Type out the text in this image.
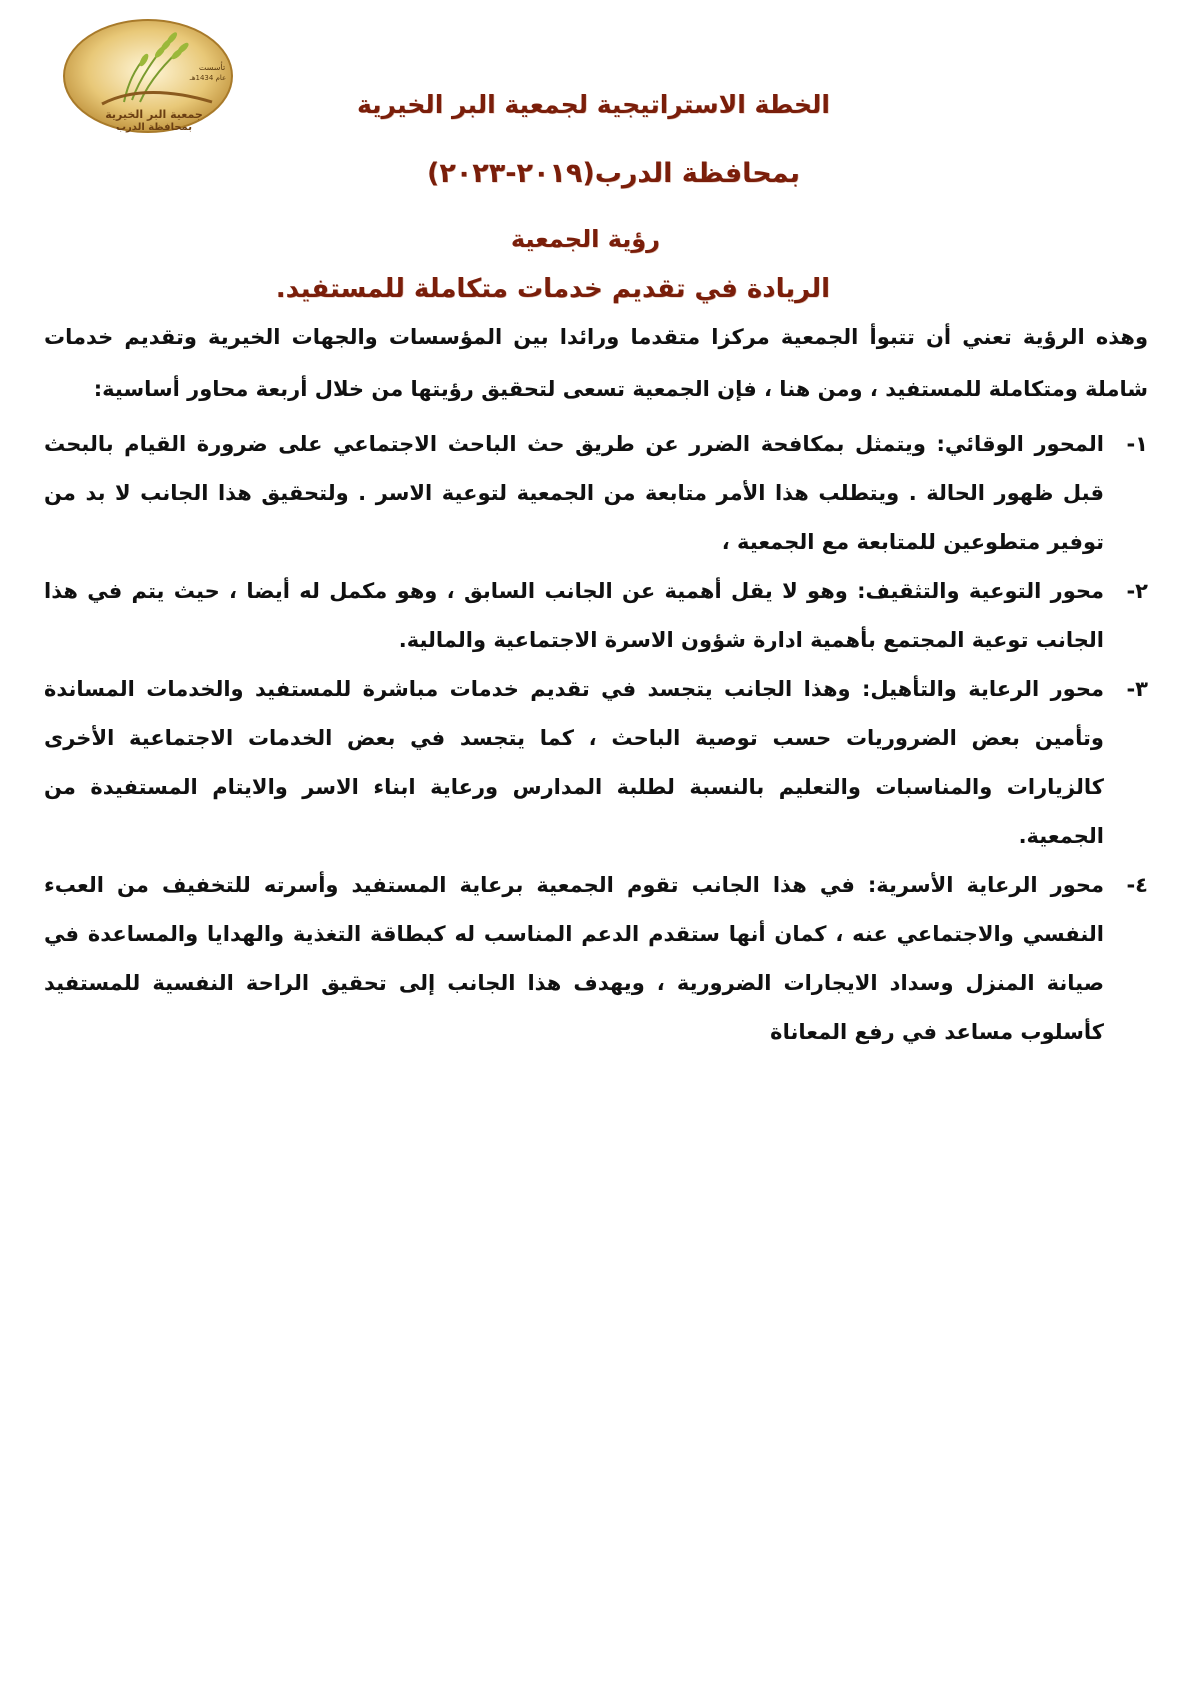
تأسست
عام 1434هـ
جمعية البر الخيرية
بمحافظة الدرب
الخطة الاستراتيجية لجمعية البر الخيرية
بمحافظة الدرب(٢٠١٩-٢٠٢٣)
رؤية الجمعية
الريادة في تقديم خدمات متكاملة للمستفيد.
وهذه الرؤية تعني أن تتبوأ الجمعية مركزا متقدما ورائدا بين المؤسسات والجهات الخيرية وتقديم خدمات شاملة ومتكاملة للمستفيد ، ومن هنا ، فإن الجمعية تسعى لتحقيق رؤيتها من خلال أربعة محاور أساسية:
١-
المحور الوقائي: ويتمثل بمكافحة الضرر عن طريق حث الباحث الاجتماعي على ضرورة القيام بالبحث قبل ظهور الحالة . ويتطلب هذا الأمر متابعة من الجمعية لتوعية الاسر . ولتحقيق هذا الجانب لا بد من توفير متطوعين للمتابعة مع الجمعية ،
٢-
محور التوعية والتثقيف: وهو لا يقل أهمية عن الجانب السابق ، وهو مكمل له أيضا ، حيث يتم في هذا الجانب توعية المجتمع بأهمية ادارة شؤون الاسرة الاجتماعية والمالية.
٣-
محور الرعاية والتأهيل: وهذا الجانب يتجسد في تقديم خدمات مباشرة للمستفيد والخدمات المساندة وتأمين بعض الضروريات حسب توصية الباحث ، كما يتجسد في بعض الخدمات الاجتماعية الأخرى كالزيارات والمناسبات والتعليم بالنسبة لطلبة المدارس ورعاية ابناء الاسر والايتام المستفيدة من الجمعية.
٤-
محور الرعاية الأسرية: في هذا الجانب تقوم الجمعية برعاية المستفيد وأسرته للتخفيف من العبء النفسي والاجتماعي عنه ، كمان أنها ستقدم الدعم المناسب له كبطاقة التغذية والهدايا والمساعدة في صيانة المنزل وسداد الايجارات الضرورية ، ويهدف هذا الجانب إلى تحقيق الراحة النفسية للمستفيد كأسلوب مساعد في رفع المعاناة
